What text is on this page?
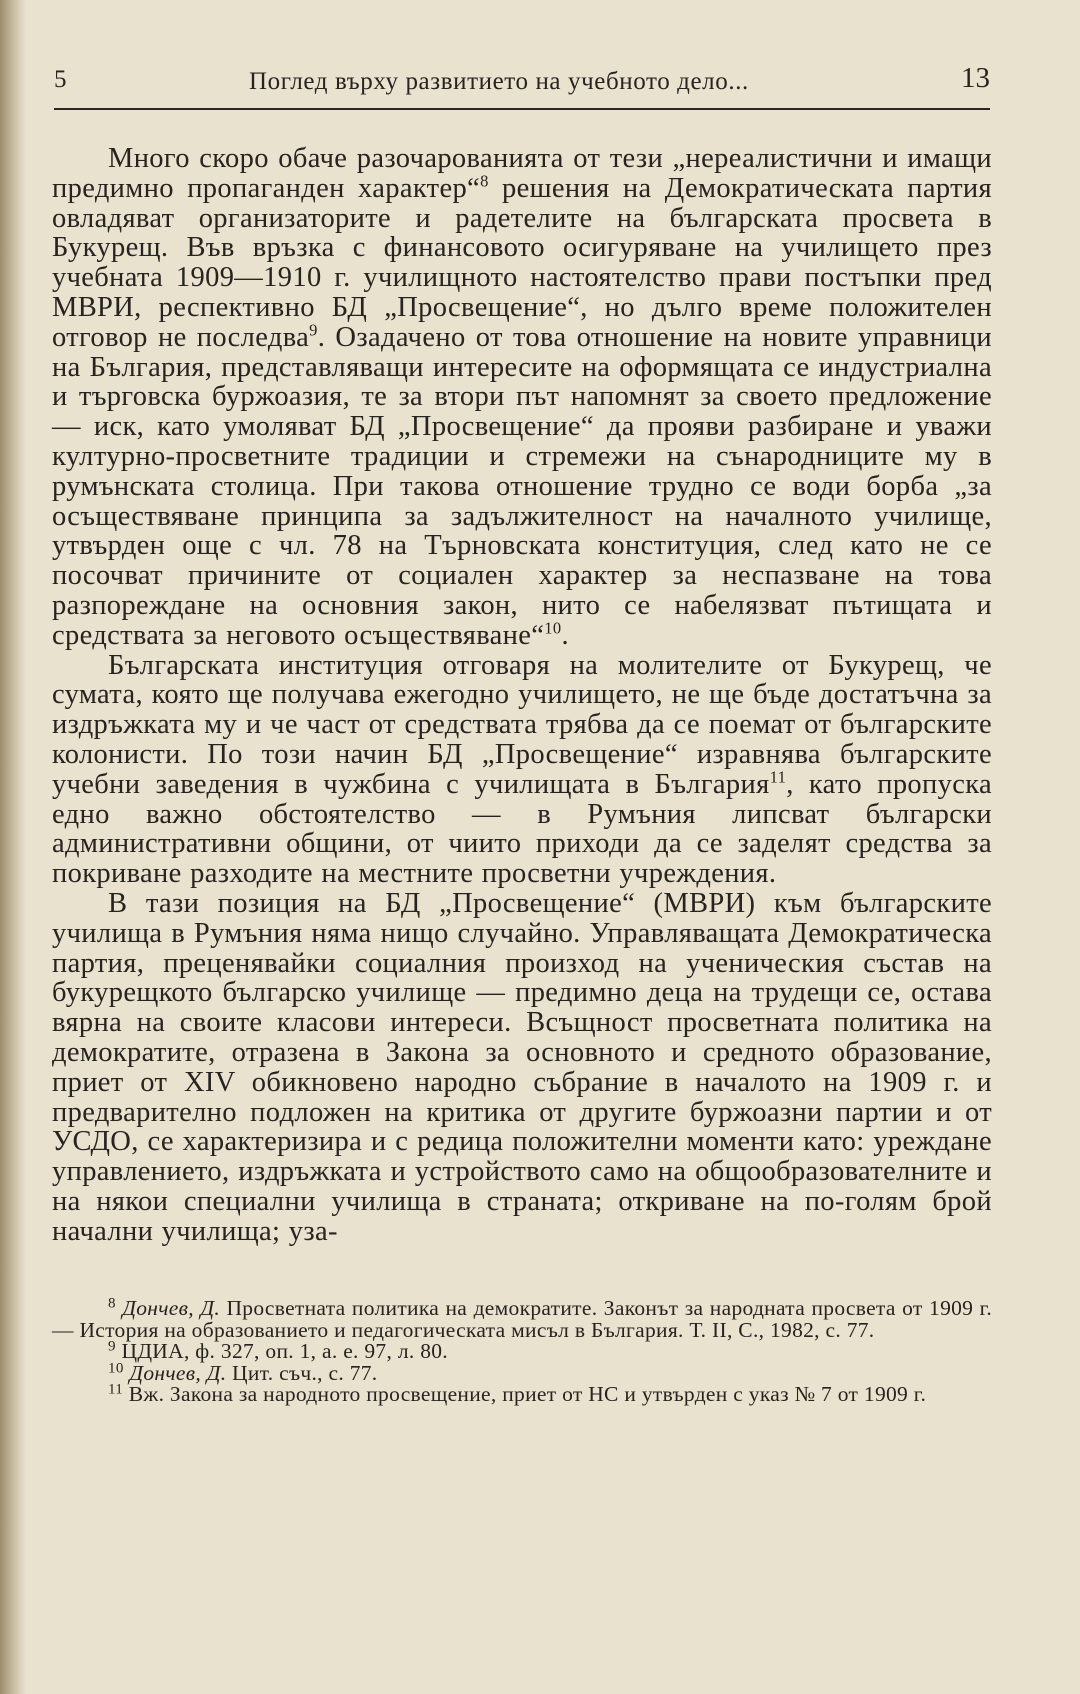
5	Поглед върху развитието на учебното дело...	13

Много скоро обаче разочарованията от тези „нереалистични и имащи предимно пропаганден характер“$^8$ решения на Демократическата партия овладяват организаторите и радетелите на българската просвета в Букурещ. Във връзка с финансовото осигуряване на училището през учебната 1909—1910 г. училищното настоятелство прави постъпки пред МВРИ, респективно БД „Просвещение“, но дълго време положителен отговор не последва$^9$. Озадачено от това отношение на новите управници на България, представляващи интересите на оформящата се индустриална и търговска буржоазия, те за втори път напомнят за своето предложение — иск, като умоляват БД „Просвещение“ да прояви разбиране и уважи културно-просветните традиции и стремежи на сънародниците му в румънската столица. При такова отношение трудно се води борба „за осъществяване принципа за задължителност на началното училище, утвърден още с чл. 78 на Търновската конституция, след като не се посочват причините от социален характер за неспазване на това разпореждане на основния закон, нито се набелязват пътищата и средствата за неговото осъществяване“$^{10}$.

Българската институция отговаря на молителите от Букурещ, че сумата, която ще получава ежегодно училището, не ще бъде достатъчна за издръжката му и че част от средствата трябва да се поемат от българските колонисти. По този начин БД „Просвещение“ изравнява българските учебни заведения в чужбина с училищата в България$^{11}$, като пропуска едно важно обстоятелство — в Румъния липсват български административни общини, от чиито приходи да се заделят средства за покриване разходите на местните просветни учреждения.

В тази позиция на БД „Просвещение“ (МВРИ) към българските училища в Румъния няма нищо случайно. Управляващата Демократическа партия, преценявайки социалния произход на ученическия състав на букурещкото българско училище — предимно деца на трудещи се, остава вярна на своите класови интереси. Всъщност просветната политика на демократите, отразена в Закона за основното и средното образование, приет от XIV обикновено народно събрание в началото на 1909 г. и предварително подложен на критика от другите буржоазни партии и от УСДО, се характеризира и с редица положителни моменти като: уреждане управлението, издръжката и устройството само на общообразователните и на някои специални училища в страната; откриване на по-голям брой начални училища; уза-

$^8$ Дончев, Д. Просветната политика на демократите. Законът за народната просвета от 1909 г. — История на образованието и педагогическата мисъл в България. Т. II, С., 1982, с. 77.

$^9$ ЦДИА, ф. 327, оп. 1, а. е. 97, л. 80.

$^{10}$ Дончев, Д. Цит. съч., с. 77.

$^{11}$ Вж. Закона за народното просвещение, приет от НС и утвърден с указ № 7 от 1909 г.
